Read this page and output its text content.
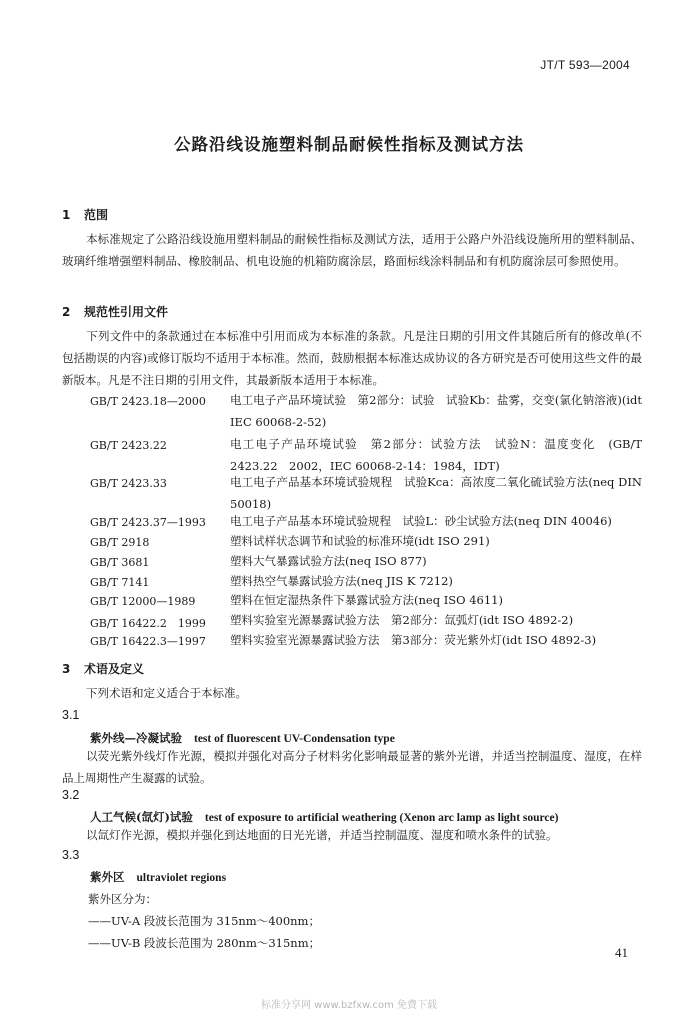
JT/T 593—2004
公路沿线设施塑料制品耐候性指标及测试方法
1 范围
本标准规定了公路沿线设施用塑料制品的耐候性指标及测试方法，适用于公路户外沿线设施所用的塑料制品、玻璃纤维增强塑料制品、橡胶制品、机电设施的机箱防腐涂层，路面标线涂料制品和有机防腐涂层可参照使用。
2 规范性引用文件
下列文件中的条款通过在本标准中引用而成为本标准的条款。凡是注日期的引用文件其随后所有的修改单(不包括勘误的内容)或修订版均不适用于本标准。然而，鼓励根据本标准达成协议的各方研究是否可使用这些文件的最新版本。凡是不注日期的引用文件，其最新版本适用于本标准。
GB/T 2423.18—2000 电工电子产品环境试验　第2部分：试验　试验Kb：盐雾，交变(氯化钠溶液)(idt IEC 60068-2-52)
GB/T 2423.22	电工电子产品环境试验　第2部分：试验方法　试验N：温度变化　(GB/T 2423.22　2002，IEC 60068-2-14：1984，IDT)
GB/T 2423.33	电工电子产品基本环境试验规程　试验Kca：高浓度二氧化硫试验方法(neq DIN 50018)
GB/T 2423.37—1993 电工电子产品基本环境试验规程　试验L：砂尘试验方法(neq DIN 40046)
GB/T 2918	塑料试样状态调节和试验的标准环境(idt ISO 291)
GB/T 3681	塑料大气暴露试验方法(neq ISO 877)
GB/T 7141	塑料热空气暴露试验方法(neq JIS K 7212)
GB/T 12000—1989	塑料在恒定湿热条件下暴露试验方法(neq ISO 4611)
GB/T 16422.2　1999 塑料实验室光源暴露试验方法　第2部分：氙弧灯(idt ISO 4892-2)
GB/T 16422.3—1997 塑料实验室光源暴露试验方法　第3部分：荧光紫外灯(idt ISO 4892-3)
3 术语及定义
下列术语和定义适合于本标准。
3.1
紫外线—冷凝试验 test of fluorescent UV-Condensation type
以荧光紫外线灯作光源，模拟并强化对高分子材料劣化影响最显著的紫外光谱，并适当控制温度、湿度，在样品上周期性产生凝露的试验。
3.2
人工气候(氙灯)试验 test of exposure to artificial weathering (Xenon arc lamp as light source)
以氙灯作光源，模拟并强化到达地面的日光光谱，并适当控制温度、湿度和喷水条件的试验。
3.3
紫外区 ultraviolet regions
紫外区分为：
——UV-A 段波长范围为 315nm～400nm；
——UV-B 段波长范围为 280nm～315nm；
41
标准分享网 www.bzfxw.com 免费下载
